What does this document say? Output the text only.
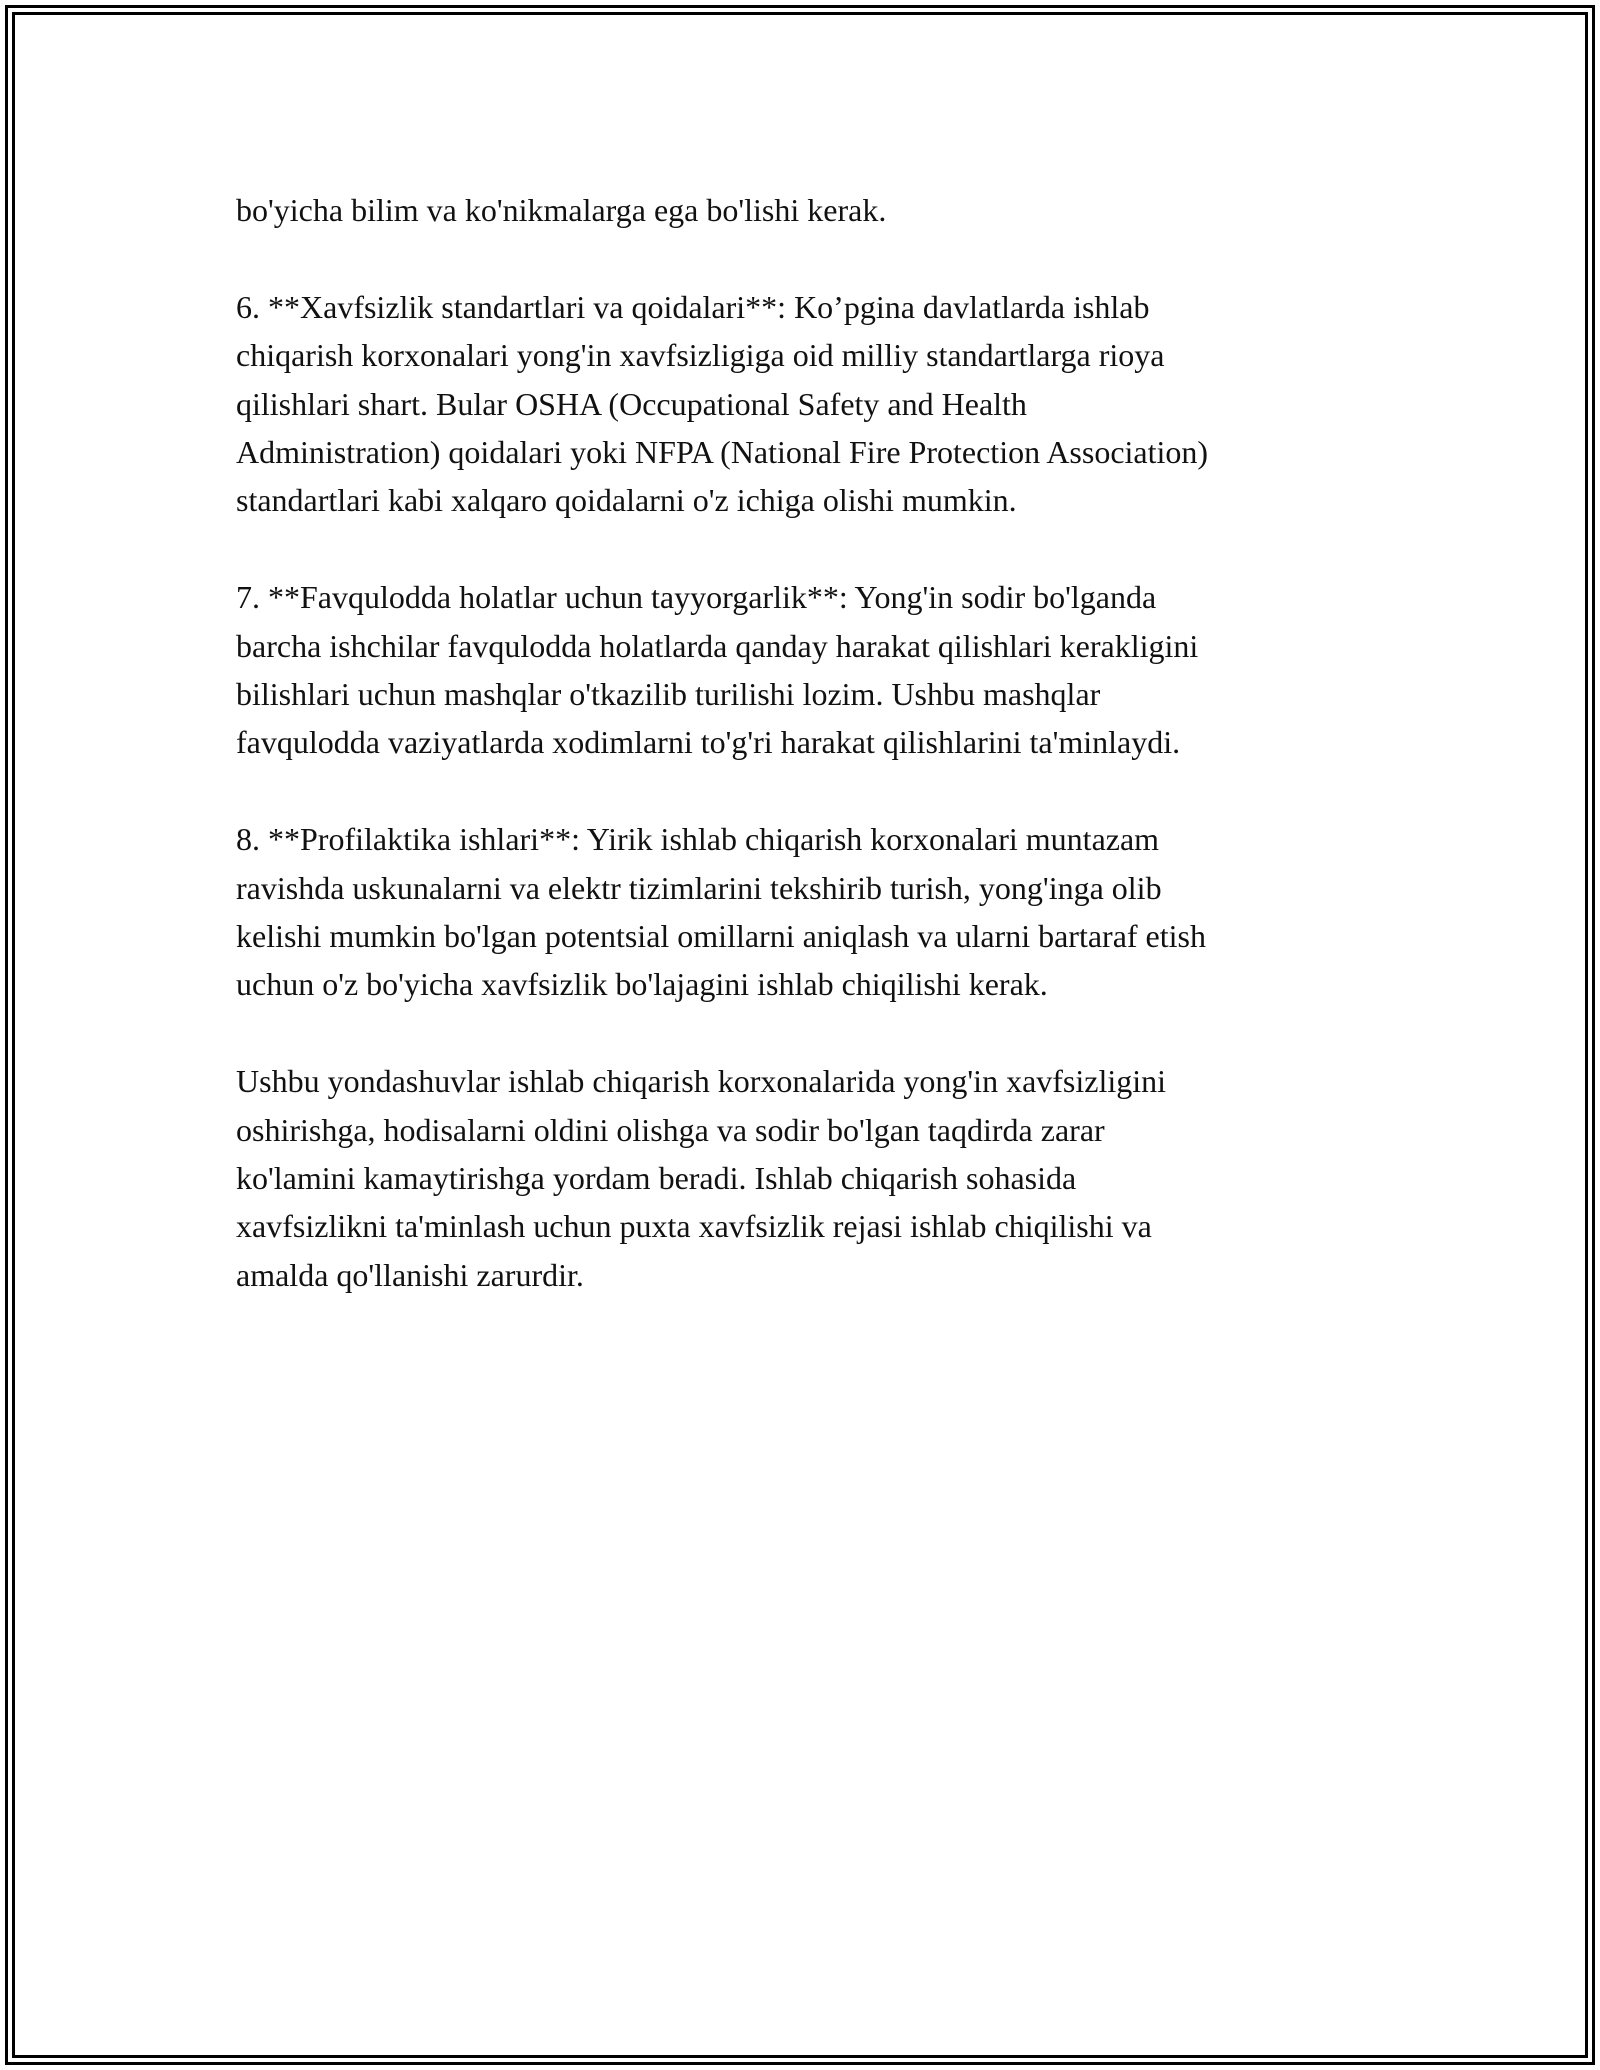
bo'yicha bilim va ko'nikmalarga ega bo'lishi kerak.

6. **Xavfsizlik standartlari va qoidalari**: Ko’pgina davlatlarda ishlab
chiqarish korxonalari yong'in xavfsizligiga oid milliy standartlarga rioya
qilishlari shart. Bular OSHA (Occupational Safety and Health
Administration) qoidalari yoki NFPA (National Fire Protection Association)
standartlari kabi xalqaro qoidalarni o'z ichiga olishi mumkin.

7. **Favqulodda holatlar uchun tayyorgarlik**: Yong'in sodir bo'lganda
barcha ishchilar favqulodda holatlarda qanday harakat qilishlari kerakligini
bilishlari uchun mashqlar o'tkazilib turilishi lozim. Ushbu mashqlar
favqulodda vaziyatlarda xodimlarni to'g'ri harakat qilishlarini ta'minlaydi.

8. **Profilaktika ishlari**: Yirik ishlab chiqarish korxonalari muntazam
ravishda uskunalarni va elektr tizimlarini tekshirib turish, yong'inga olib
kelishi mumkin bo'lgan potentsial omillarni aniqlash va ularni bartaraf etish
uchun o'z bo'yicha xavfsizlik bo'lajagini ishlab chiqilishi kerak.

Ushbu yondashuvlar ishlab chiqarish korxonalarida yong'in xavfsizligini
oshirishga, hodisalarni oldini olishga va sodir bo'lgan taqdirda zarar
ko'lamini kamaytirishga yordam beradi. Ishlab chiqarish sohasida
xavfsizlikni ta'minlash uchun puxta xavfsizlik rejasi ishlab chiqilishi va
amalda qo'llanishi zarurdir.
